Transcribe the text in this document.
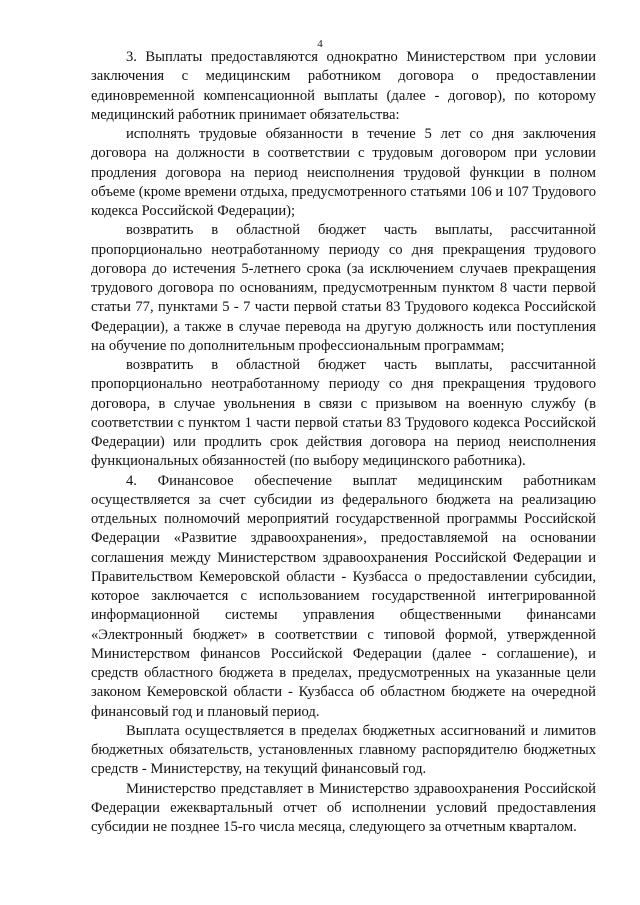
4

3. Выплаты предоставляются однократно Министерством при условии заключения с медицинским работником договора о предоставлении единовременной компенсационной выплаты (далее - договор), по которому медицинский работник принимает обязательства:

исполнять трудовые обязанности в течение 5 лет со дня заключения договора на должности в соответствии с трудовым договором при условии продления договора на период неисполнения трудовой функции в полном объеме (кроме времени отдыха, предусмотренного статьями 106 и 107 Трудового кодекса Российской Федерации);

возвратить в областной бюджет часть выплаты, рассчитанной пропорционально неотработанному периоду со дня прекращения трудового договора до истечения 5-летнего срока (за исключением случаев прекращения трудового договора по основаниям, предусмотренным пунктом 8 части первой статьи 77, пунктами 5 - 7 части первой статьи 83 Трудового кодекса Российской Федерации), а также в случае перевода на другую должность или поступления на обучение по дополнительным профессиональным программам;

возвратить в областной бюджет часть выплаты, рассчитанной пропорционально неотработанному периоду со дня прекращения трудового договора, в случае увольнения в связи с призывом на военную службу (в соответствии с пунктом 1 части первой статьи 83 Трудового кодекса Российской Федерации) или продлить срок действия договора на период неисполнения функциональных обязанностей (по выбору медицинского работника).

4. Финансовое обеспечение выплат медицинским работникам осуществляется за счет субсидии из федерального бюджета на реализацию отдельных полномочий мероприятий государственной программы Российской Федерации «Развитие здравоохранения», предоставляемой на основании соглашения между Министерством здравоохранения Российской Федерации и Правительством Кемеровской области - Кузбасса о предоставлении субсидии, которое заключается с использованием государственной интегрированной информационной системы управления общественными финансами «Электронный бюджет» в соответствии с типовой формой, утвержденной Министерством финансов Российской Федерации (далее - соглашение), и средств областного бюджета в пределах, предусмотренных на указанные цели законом Кемеровской области - Кузбасса об областном бюджете на очередной финансовый год и плановый период.

Выплата осуществляется в пределах бюджетных ассигнований и лимитов бюджетных обязательств, установленных главному распорядителю бюджетных средств - Министерству, на текущий финансовый год.

Министерство представляет в Министерство здравоохранения Российской Федерации ежеквартальный отчет об исполнении условий предоставления субсидии не позднее 15-го числа месяца, следующего за отчетным кварталом.
